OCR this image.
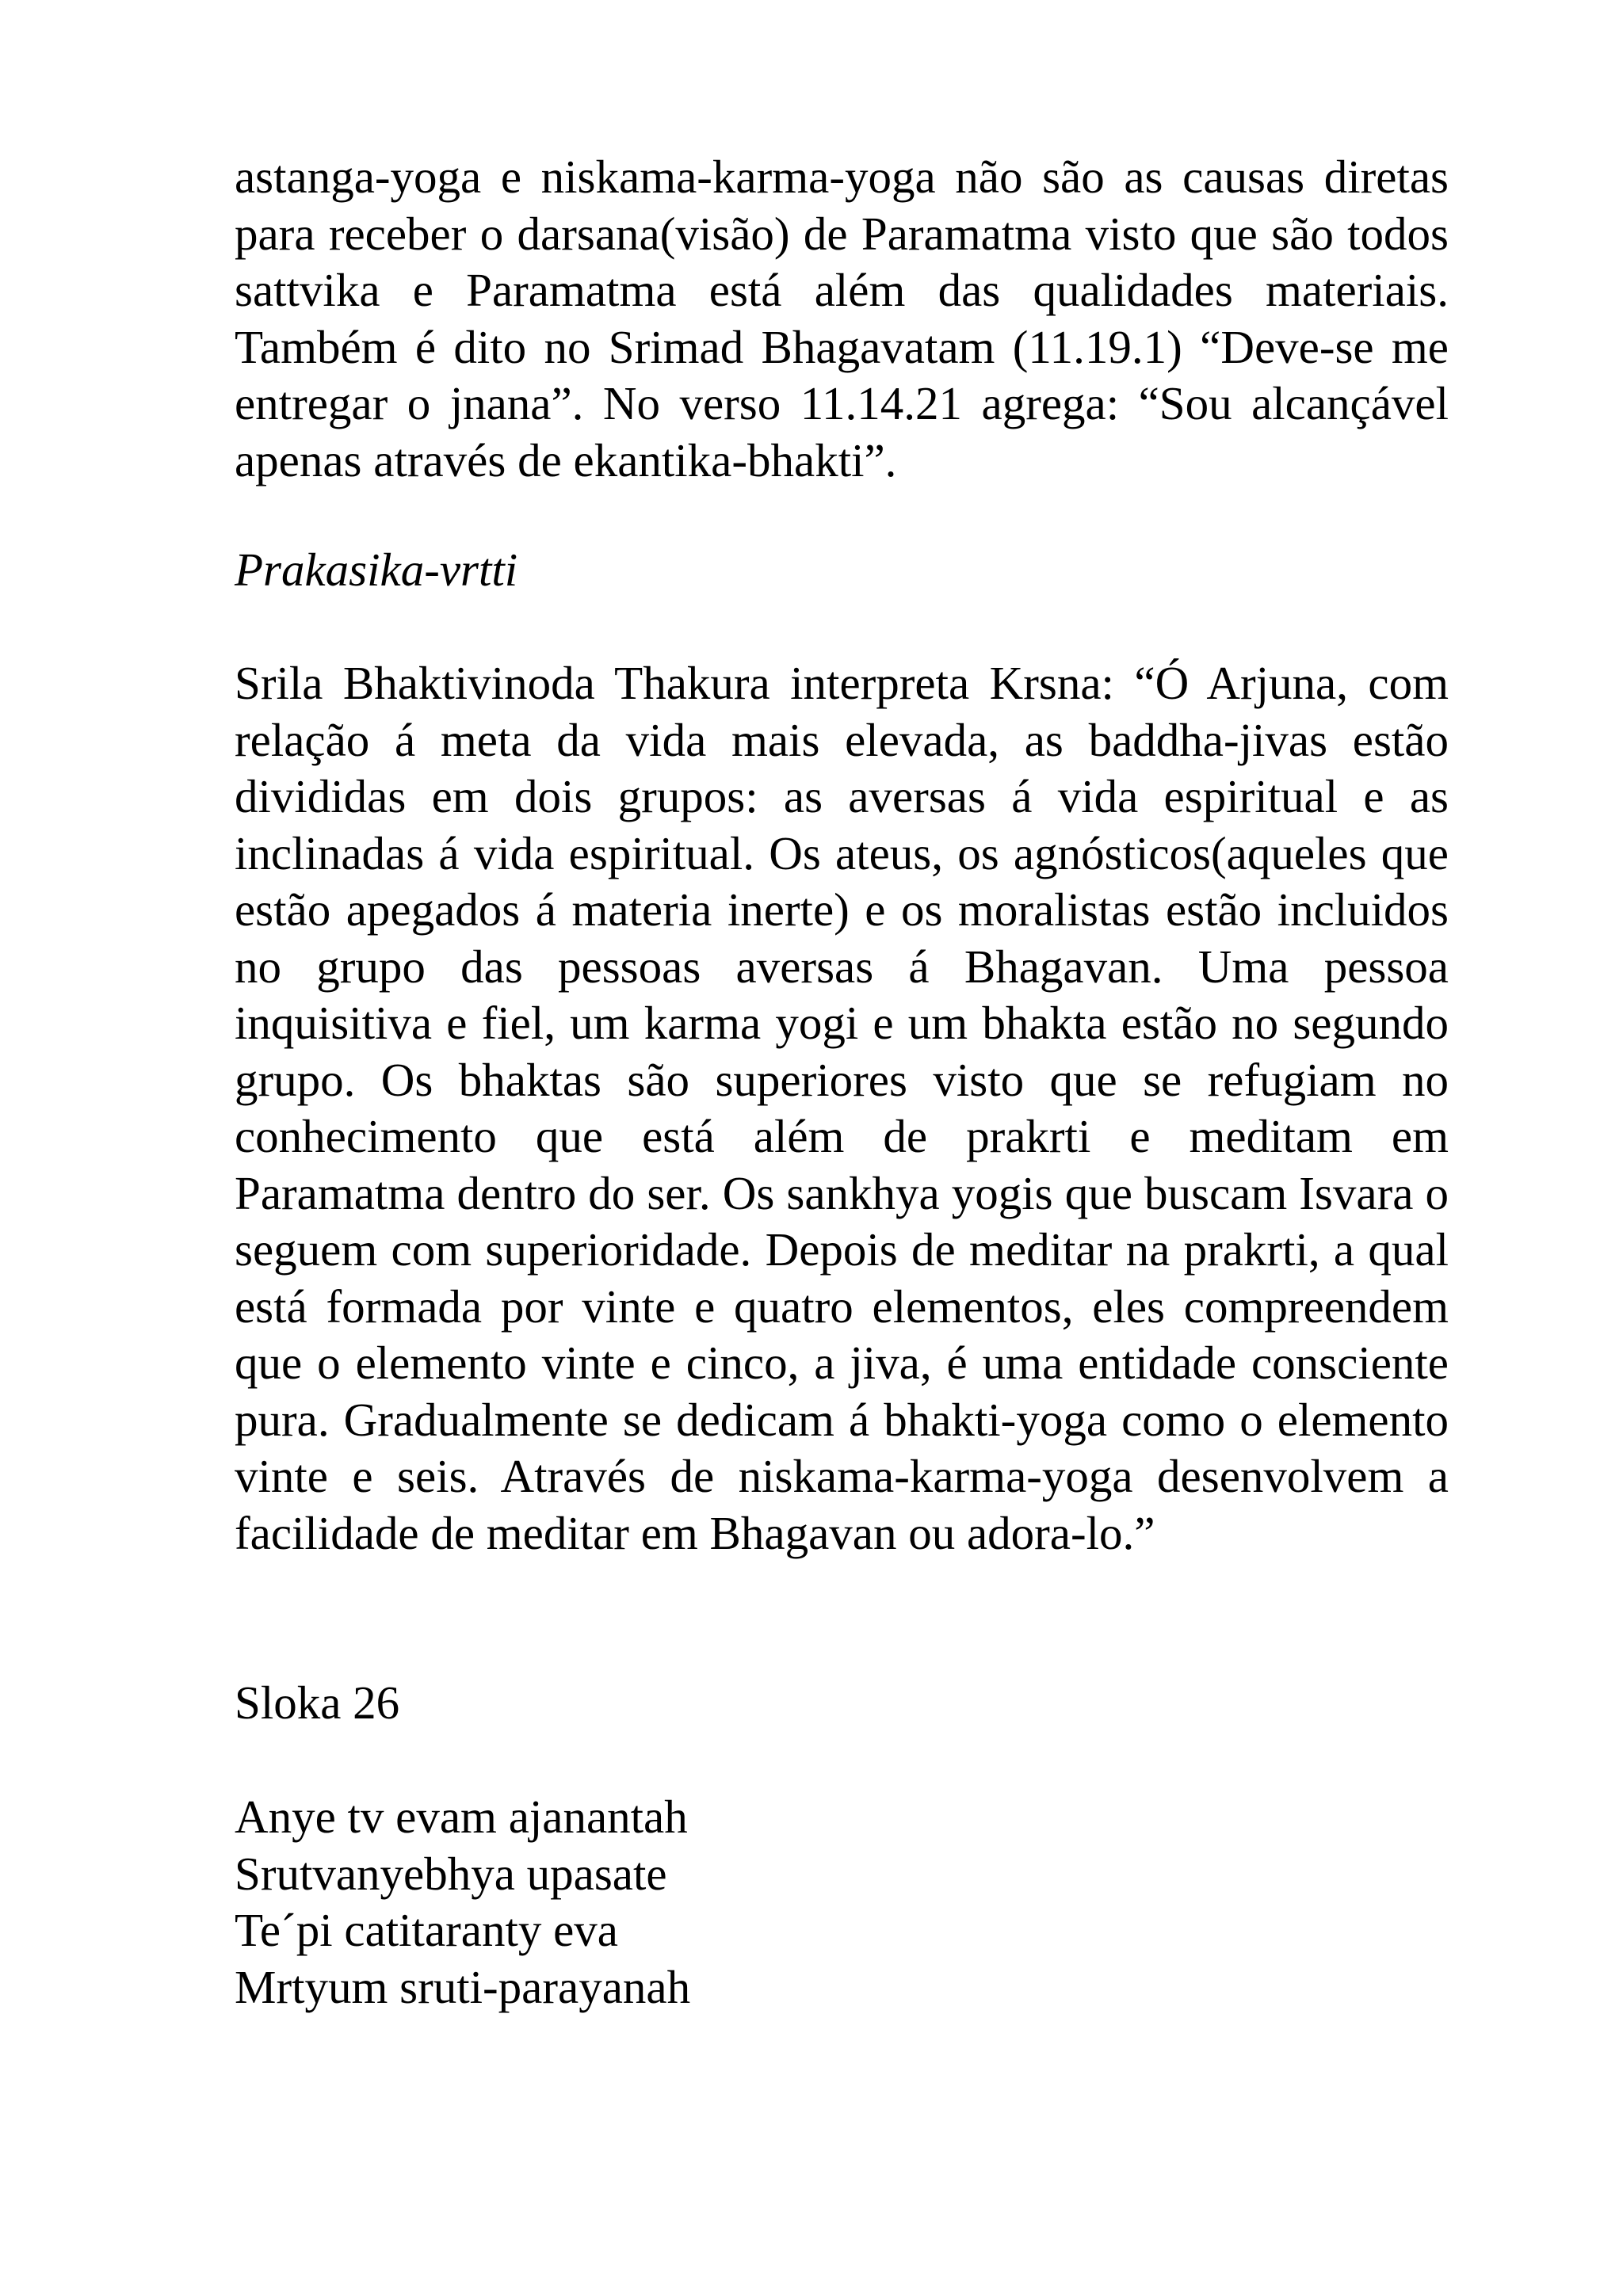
astanga-yoga e niskama-karma-yoga não são as causas diretas para receber o darsana(visão) de Paramatma visto que são todos sattvika e Paramatma está além das qualidades materiais. Também é dito no Srimad Bhagavatam (11.19.1) “Deve-se me entregar o jnana”. No verso 11.14.21 agrega: “Sou alcançável apenas através de ekantika-bhakti”.

Prakasika-vrtti

Srila Bhaktivinoda Thakura interpreta Krsna: “Ó Arjuna, com relação á meta da vida mais elevada, as baddha-jivas estão divididas em dois grupos: as aversas á vida espiritual e as inclinadas á vida espiritual. Os ateus, os agnósticos(aqueles que estão apegados á materia inerte) e os moralistas estão incluidos no grupo das pessoas aversas á Bhagavan. Uma pessoa inquisitiva e fiel, um karma yogi e um bhakta estão no segundo grupo. Os bhaktas são superiores visto que se refugiam no conhecimento que está além de prakrti e meditam em Paramatma dentro do ser. Os sankhya yogis que buscam Isvara o seguem com superioridade. Depois de meditar na prakrti, a qual está formada por vinte e quatro elementos, eles compreendem que o elemento vinte e cinco, a jiva, é uma entidade consciente pura. Gradualmente se dedicam á bhakti-yoga como o elemento vinte e seis. Através de niskama-karma-yoga desenvolvem a facilidade de meditar em Bhagavan ou adora-lo.”

Sloka 26

Anye tv evam ajanantah
Srutvanyebhya upasate
Te´pi catitaranty eva
Mrtyum sruti-parayanah
